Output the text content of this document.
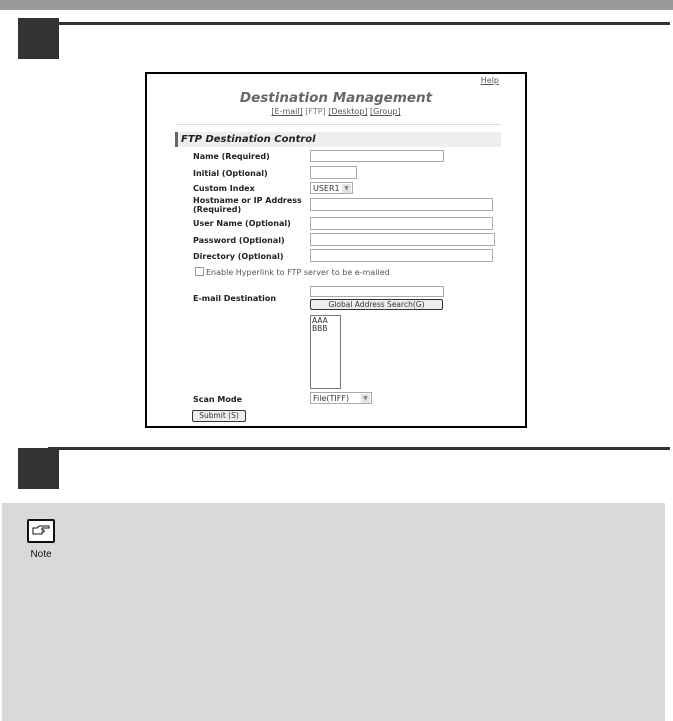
Help
Destination Management
[E-mail] [FTP] [Desktop] [Group]
FTP Destination Control
Name (Required)
Initial (Optional)
Custom Index	USER1 ▼
Hostname or IP Address
(Required)
User Name (Optional)
Password (Optional)
Directory (Optional)
Enable Hyperlink to FTP server to be e-mailed
E-mail Destination
Global Address Search(G)
AAA
BBB
Scan Mode	File(TIFF)	▼
Submit (S)
Note
